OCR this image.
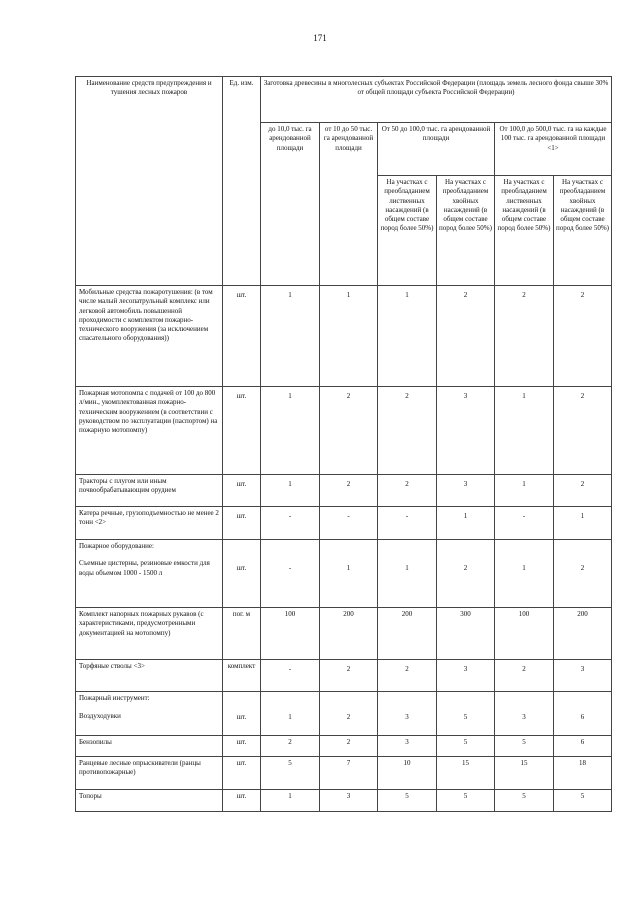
171
Наименование средств предупреждения и тушения лесных пожаров	Ед. изм.	Заготовка древесины в многолесных субъектах Российской Федерации (площадь земель лесного фонда свыше 30% от общей площади субъекта Российской Федерации)					
		до 10,0 тыс. га арендованной площади	от 10 до 50 тыс. га арендованной площади	От 50 до 100,0 тыс. га арендованной площади		От 100,0 до 500,0 тыс. га на каждые 100 тыс. га арендованной площади <1>	
				На участках с преобладанием лиственных насаждений (в общем составе пород более 50%)	На участках с преобладанием хвойных насаждений (в общем составе пород более 50%)	На участках с преобладанием лиственных насаждений (в общем составе пород более 50%)	На участках с преобладанием хвойных насаждений (в общем составе пород более 50%)
Мобильные средства пожаротушения: (в том числе малый лесопатрульный комплекс или легковой автомобиль повышенной проходимости с комплектом пожарно-технического вооружения (за исключением спасательного оборудования))	шт.	1	1	1	2	2	2
Пожарная мотопомпа с подачей от 100 до 800 л/мин., укомплектованная пожарно-техническим вооружением (в соответствии с руководством по эксплуатации (паспортом) на пожарную мотопомпу)	шт.	1	2	2	3	1	2
Тракторы с плугом или иным почвообрабатывающим орудием	шт.	1	2	2	3	1	2
Катера речные, грузоподъемностью не менее 2 тонн <2>	шт.	-	-	-	1	-	1

Пожарное оборудование:
Съемные цистерны, резиновые емкости для воды объемом 1000 - 1500 л	шт.	-	1	1	2	1	2
Комплект напорных пожарных рукавов (с характеристиками, предусмотренными документацией на мотопомпу)	пог. м	100	200	200	300	100	200
Торфяные стволы <3>	комплект	-	2	2	3	2	3

Пожарный инструмент:
Воздуходувки	шт.	1	2	3	5	3	6
Бензопилы	шт.	2	2	3	5	5	6
Ранцевые лесные опрыскиватели (ранцы противопожарные)	шт.	5	7	10	15	15	18
Топоры	шт.	1	3	5	5	5	5
